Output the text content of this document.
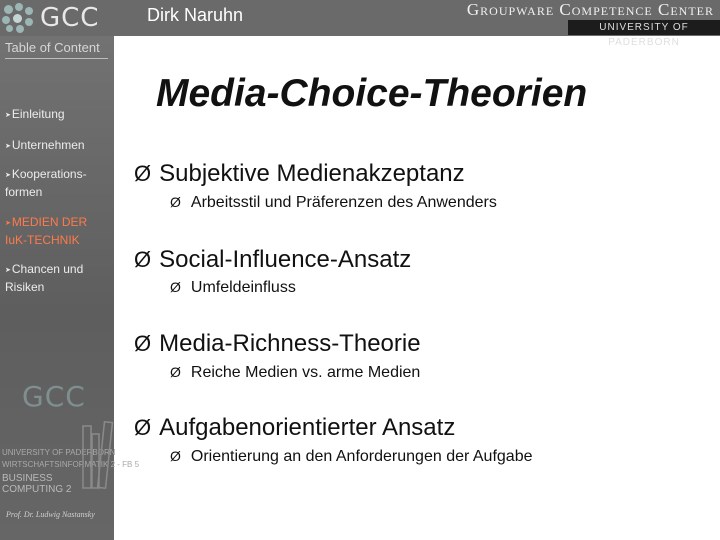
GCC	Dirk Naruhn	Groupware Competence Center
UNIVERSITY OF PADERBORN
Table of Content
➤Einleitung
➤Unternehmen
➤Kooperations-
formen
➤MEDIEN DER
IuK-TECHNIK
➤Chancen und
Risiken
GCC
UNIVERSITY OF PADERBORN
WIRTSCHAFTSINFORMATIK 2 - FB 5
BUSINESS COMPUTING 2
Prof. Dr. Ludwig Nastansky
Media-Choice-Theorien
Ø Subjektive Medienakzeptanz
Ø Arbeitsstil und Präferenzen des Anwenders
Ø Social-Influence-Ansatz
Ø Umfeldeinfluss
Ø Media-Richness-Theorie
Ø Reiche Medien vs. arme Medien
Ø Aufgabenorientierter Ansatz
Ø Orientierung an den Anforderungen der Aufgabe
